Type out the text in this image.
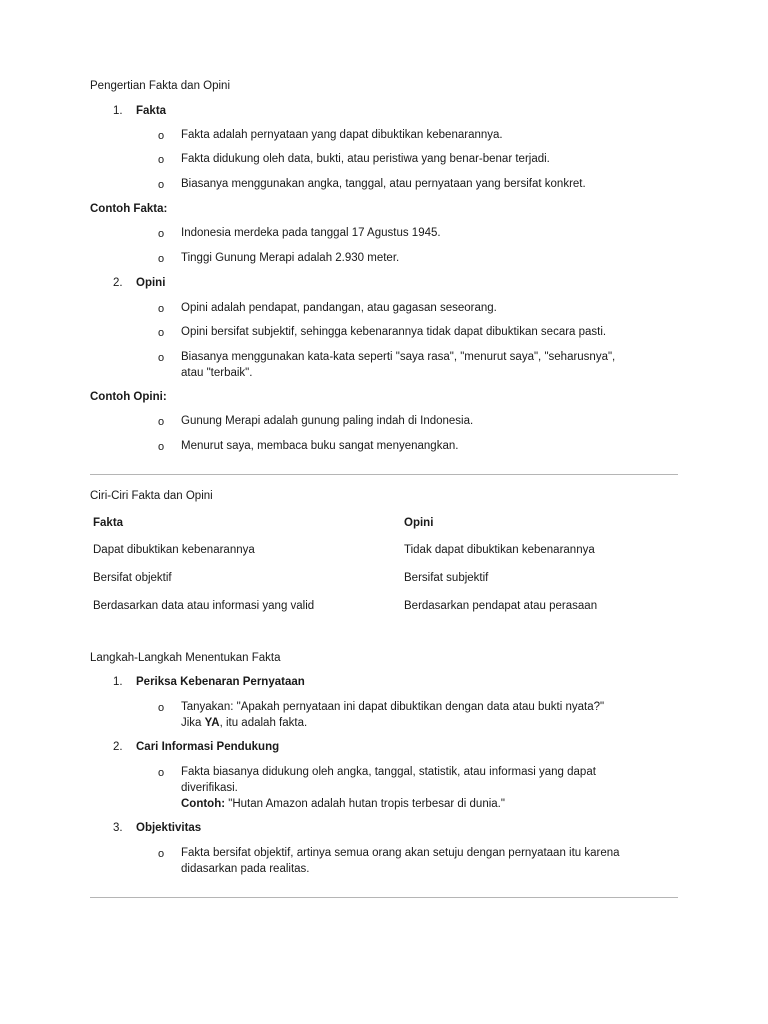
Pengertian Fakta dan Opini
1. Fakta
o Fakta adalah pernyataan yang dapat dibuktikan kebenarannya.
o Fakta didukung oleh data, bukti, atau peristiwa yang benar-benar terjadi.
o Biasanya menggunakan angka, tanggal, atau pernyataan yang bersifat konkret.
Contoh Fakta:
o Indonesia merdeka pada tanggal 17 Agustus 1945.
o Tinggi Gunung Merapi adalah 2.930 meter.
2. Opini
o Opini adalah pendapat, pandangan, atau gagasan seseorang.
o Opini bersifat subjektif, sehingga kebenarannya tidak dapat dibuktikan secara pasti.
o Biasanya menggunakan kata-kata seperti "saya rasa", "menurut saya", "seharusnya",
atau "terbaik".
Contoh Opini:
o Gunung Merapi adalah gunung paling indah di Indonesia.
o Menurut saya, membaca buku sangat menyenangkan.
Ciri-Ciri Fakta dan Opini
Fakta	Opini
Dapat dibuktikan kebenarannya	Tidak dapat dibuktikan kebenarannya
Bersifat objektif	Bersifat subjektif
Berdasarkan data atau informasi yang valid	Berdasarkan pendapat atau perasaan
Langkah-Langkah Menentukan Fakta
1. Periksa Kebenaran Pernyataan
o Tanyakan: "Apakah pernyataan ini dapat dibuktikan dengan data atau bukti nyata?"
Jika YA, itu adalah fakta.
2. Cari Informasi Pendukung
o Fakta biasanya didukung oleh angka, tanggal, statistik, atau informasi yang dapat
diverifikasi.
Contoh: "Hutan Amazon adalah hutan tropis terbesar di dunia."
3. Objektivitas
o Fakta bersifat objektif, artinya semua orang akan setuju dengan pernyataan itu karena
didasarkan pada realitas.
